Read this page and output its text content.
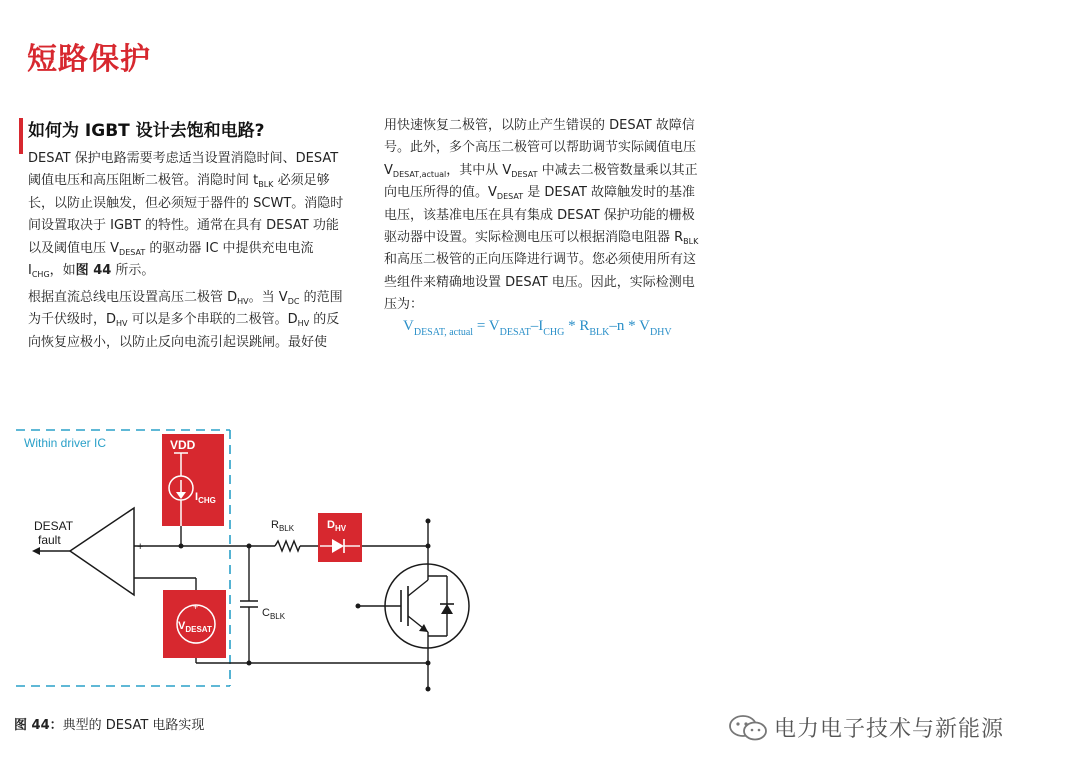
短路保护
如何为 IGBT 设计去饱和电路?
DESAT 保护电路需要考虑适当设置消隐时间、DESAT 阈值电压和高压阻断二极管。消隐时间 $t_{BLK}$ 必须足够长，以防止误触发，但必须短于器件的 SCWT。消隐时间设置取决于 IGBT 的特性。通常在具有 DESAT 功能以及阈值电压 $V_{DESAT}$ 的驱动器 IC 中提供充电电流 $I_{CHG}$，如图 44 所示。
根据直流总线电压设置高压二极管 $D_{HV}$。当 $V_{DC}$ 的范围为千伏级时，$D_{HV}$ 可以是多个串联的二极管。$D_{HV}$ 的反向恢复应极小，以防止反向电流引起误跳闸。最好使
用快速恢复二极管，以防止产生错误的 DESAT 故障信号。此外，多个高压二极管可以帮助调节实际阈值电压 $V_{DESAT,actual}$，其中从 $V_{DESAT}$ 中减去二极管数量乘以其正向电压所得的值。$V_{DESAT}$ 是 DESAT 故障触发时的基准电压，该基准电压在具有集成 DESAT 保护功能的栅极驱动器中设置。实际检测电压可以根据消隐电阻器 $R_{BLK}$ 和高压二极管的正向压降进行调节。您必须使用所有这些组件来精确地设置 DESAT 电压。因此，实际检测电压为：
$V_{DESAT, actual} = V_{DESAT}-I_{CHG} * R_{BLK}-n * V_{DHV}$
Within driver IC	VDD
$I_{CHG}$
+
–
DESAT
fault
+
–
$V_{DESAT}$
$C_{BLK}$
$R_{BLK}$	$D_{HV}$
图 44：典型的 DESAT 电路实现	电力电子技术与新能源
